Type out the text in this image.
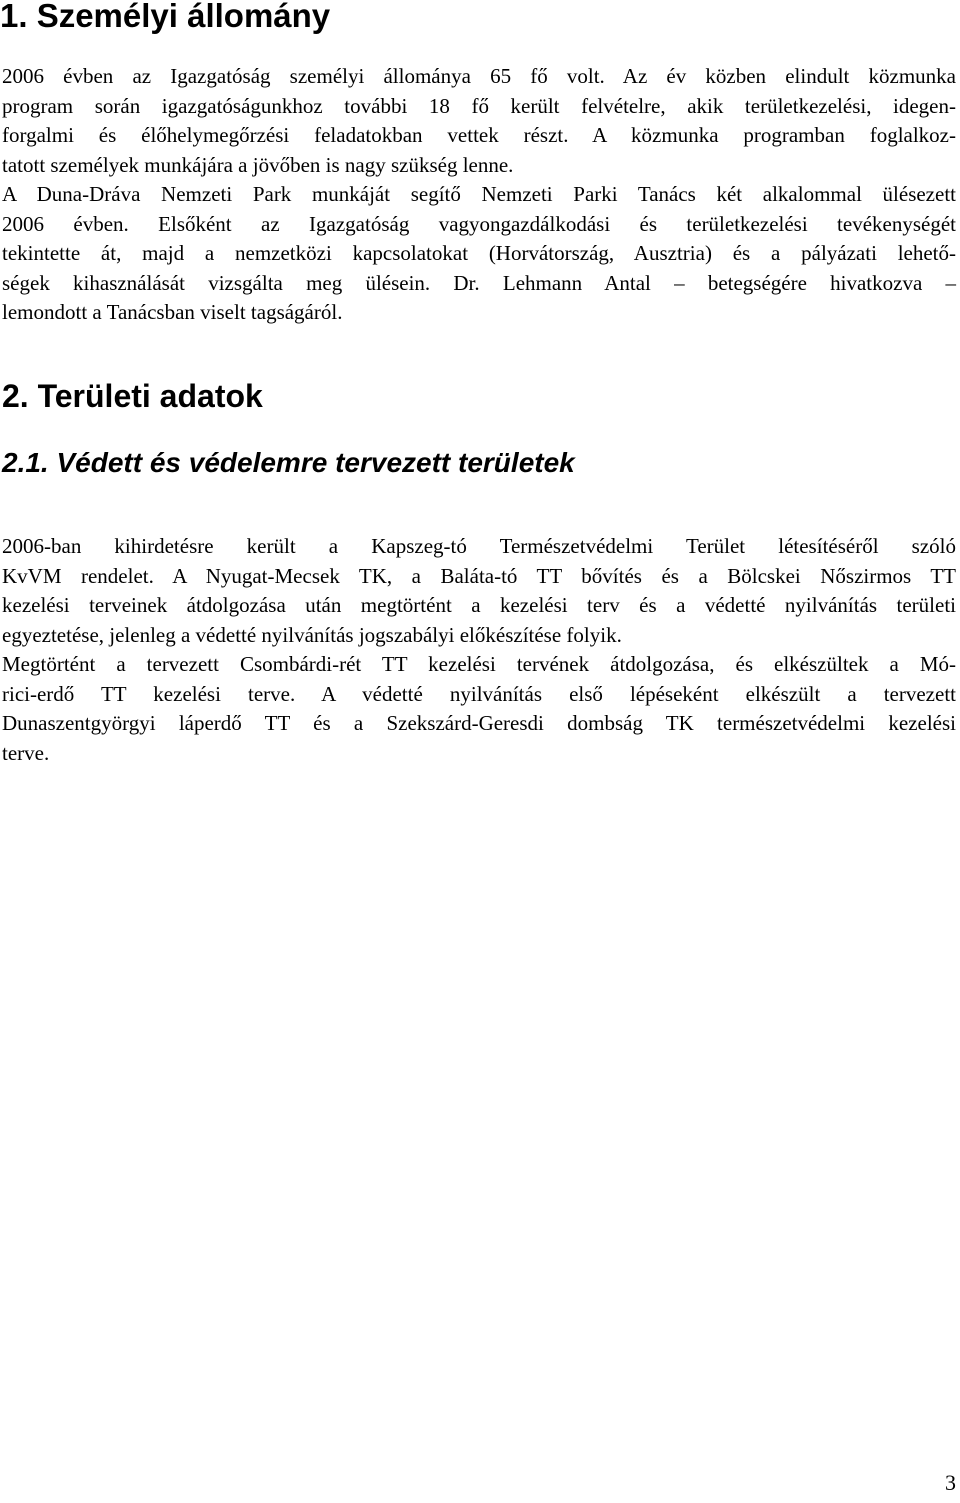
1. Személyi állomány
2006 évben az Igazgatóság személyi állománya 65 fő volt. Az év közben elindult közmunka
program során igazgatóságunkhoz további 18 fő került felvételre, akik területkezelési, idegen-
forgalmi és élőhelymegőrzési feladatokban vettek részt. A közmunka programban foglalkoz-
tatott személyek munkájára a jövőben is nagy szükség lenne.
A Duna-Dráva Nemzeti Park munkáját segítő Nemzeti Parki Tanács két alkalommal ülésezett
2006 évben. Elsőként az Igazgatóság vagyongazdálkodási és területkezelési tevékenységét
tekintette át, majd a nemzetközi kapcsolatokat (Horvátország, Ausztria) és a pályázati lehető-
ségek kihasználását vizsgálta meg ülésein. Dr. Lehmann Antal – betegségére hivatkozva –
lemondott a Tanácsban viselt tagságáról.
2. Területi adatok
2.1. Védett és védelemre tervezett területek
2006-ban kihirdetésre került a Kapszeg-tó Természetvédelmi Terület létesítéséről szóló
KvVM rendelet. A Nyugat-Mecsek TK, a Baláta-tó TT bővítés és a Bölcskei Nőszirmos TT
kezelési terveinek átdolgozása után megtörtént a kezelési terv és a védetté nyilvánítás területi
egyeztetése, jelenleg a védetté nyilvánítás jogszabályi előkészítése folyik.
Megtörtént a tervezett Csombárdi-rét TT kezelési tervének átdolgozása, és elkészültek a Mó-
rici-erdő TT kezelési terve. A védetté nyilvánítás első lépéseként elkészült a tervezett
Dunaszentgyörgyi láperdő TT és a Szekszárd-Geresdi dombság TK természetvédelmi kezelési
terve.
3
